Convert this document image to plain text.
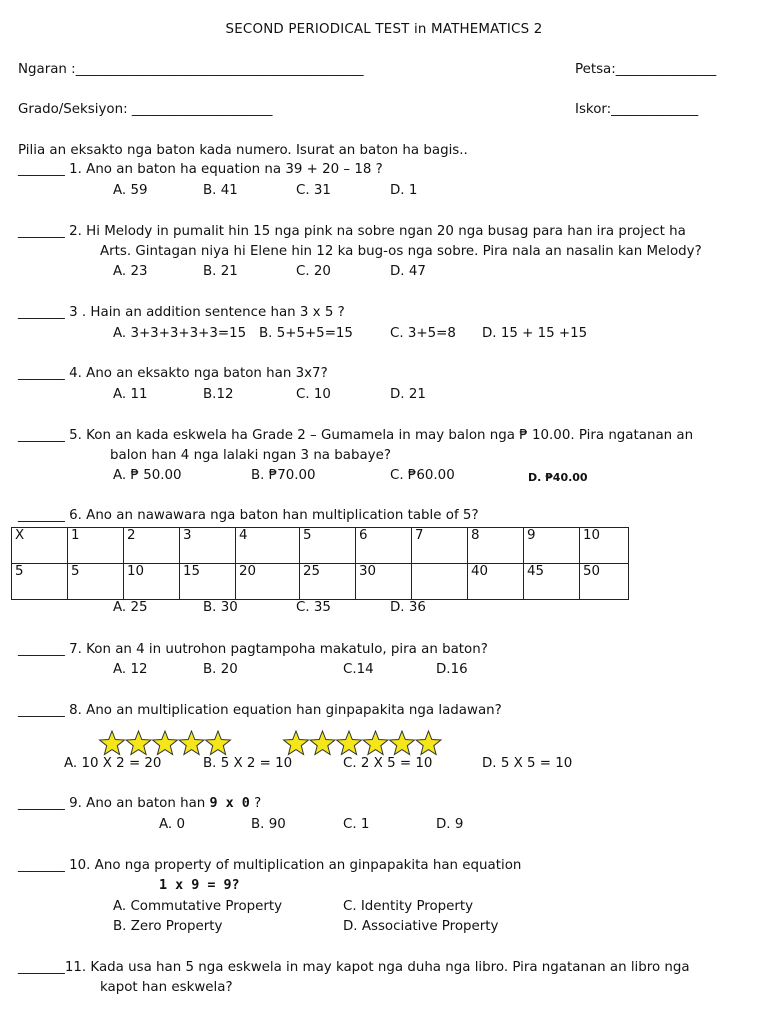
SECOND PERIODICAL TEST in MATHEMATICS 2
Ngaran :___________________________________________	Petsa:_______________
Grado/Seksiyon: _____________________	Iskor:_____________
Pilia an eksakto nga baton kada numero. Isurat an baton ha bagis..
_______ 1. Ano an baton ha equation na 39 + 20 – 18 ?
A. 59	B. 41	C. 31	D. 1
_______ 2. Hi Melody in pumalit hin 15 nga pink na sobre ngan 20 nga busag para han ira project ha
Arts. Gintagan niya hi Elene hin 12 ka bug-os nga sobre. Pira nala an nasalin kan Melody?
A. 23	B. 21	C. 20	D. 47
_______ 3 . Hain an addition sentence han 3 x 5 ?
A. 3+3+3+3+3=15 B. 5+5+5=15	C. 3+5=8 D. 15 + 15 +15
_______ 4. Ano an eksakto nga baton han 3x7?
A. 11	B.12	C. 10	D. 21
_______ 5. Kon an kada eskwela ha Grade 2 – Gumamela in may balon nga ₱ 10.00. Pira ngatanan an
balon han 4 nga lalaki ngan 3 na babaye?
A. ₱ 50.00	B. ₱70.00	C. ₱60.00	D. ₱40.00
_______ 6. Ano an nawawara nga baton han multiplication table of 5?
X	1	2	3	4	5	6	7	8	9	10
5	5	10	15	20	25	30		40	45	50
A. 25	B. 30	C. 35	D. 36
_______ 7. Kon an 4 in uutrohon pagtampoha makatulo, pira an baton?
A. 12	B. 20	C.14	D.16
_______ 8. Ano an multiplication equation han ginpapakita nga ladawan?
A. 10 X 2 = 20	B. 5 X 2 = 10	C. 2 X 5 = 10	D. 5 X 5 = 10
_______ 9. Ano an baton han 9 x 0 ?
A. 0	B. 90	C. 1	D. 9
_______ 10. Ano nga property of multiplication an ginpapakita han equation
1 x 9 = 9?
A. Commutative Property	C. Identity Property
B. Zero Property	D. Associative Property
_______11. Kada usa han 5 nga eskwela in may kapot nga duha nga libro. Pira ngatanan an libro nga
kapot han eskwela?
